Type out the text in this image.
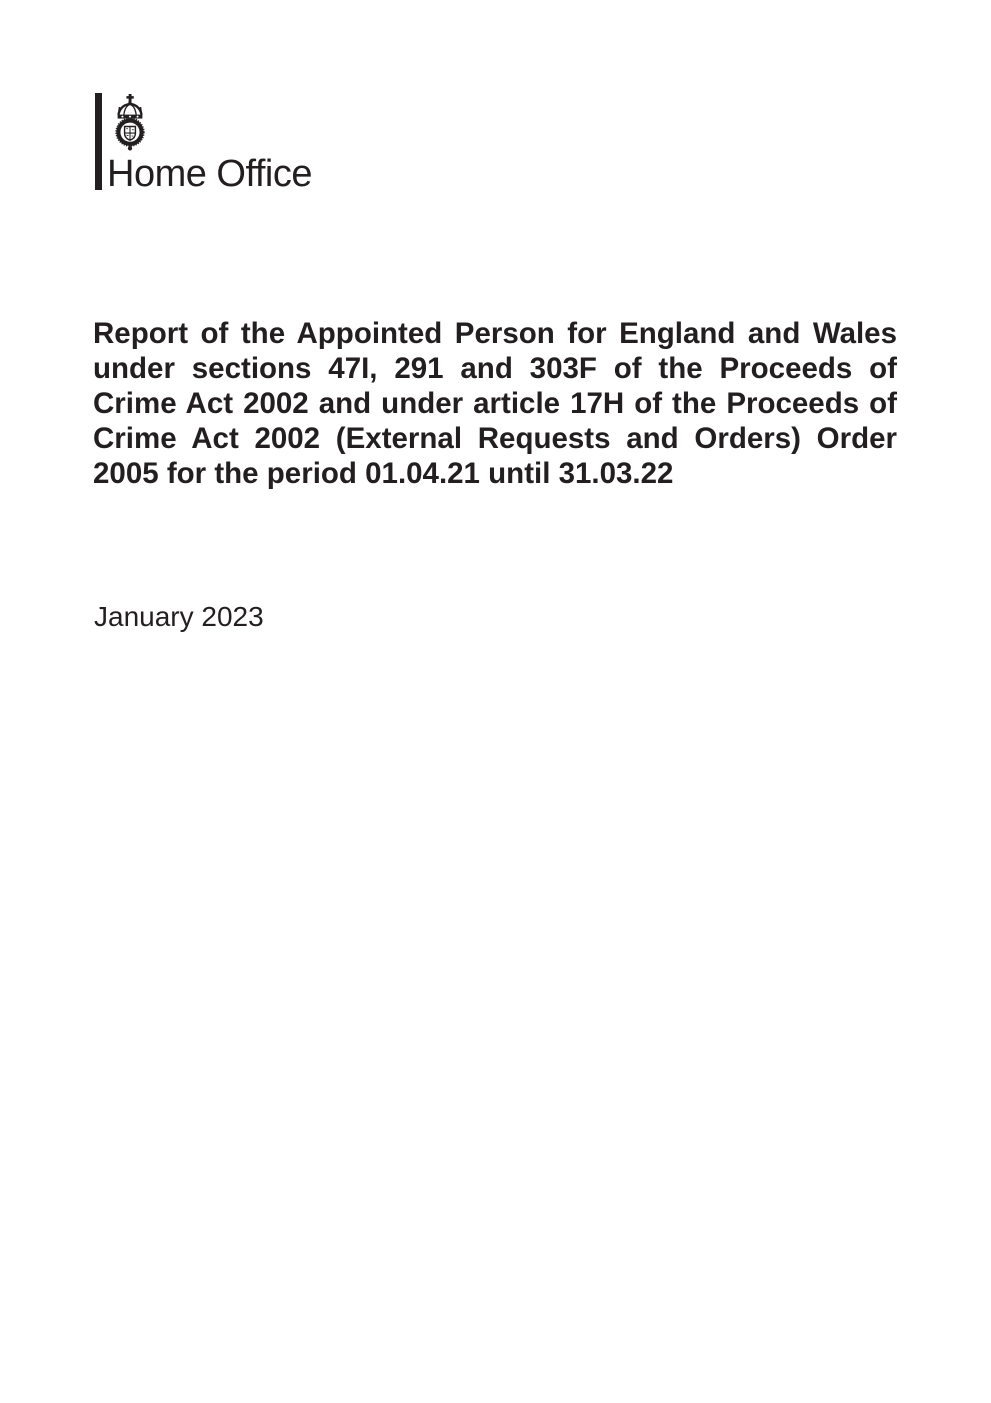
Home Office
Report of the Appointed Person for England and Wales
under sections 47I, 291 and 303F of the Proceeds of
Crime Act 2002 and under article 17H of the Proceeds of
Crime Act 2002 (External Requests and Orders) Order
2005 for the period 01.04.21 until 31.03.22
January 2023
